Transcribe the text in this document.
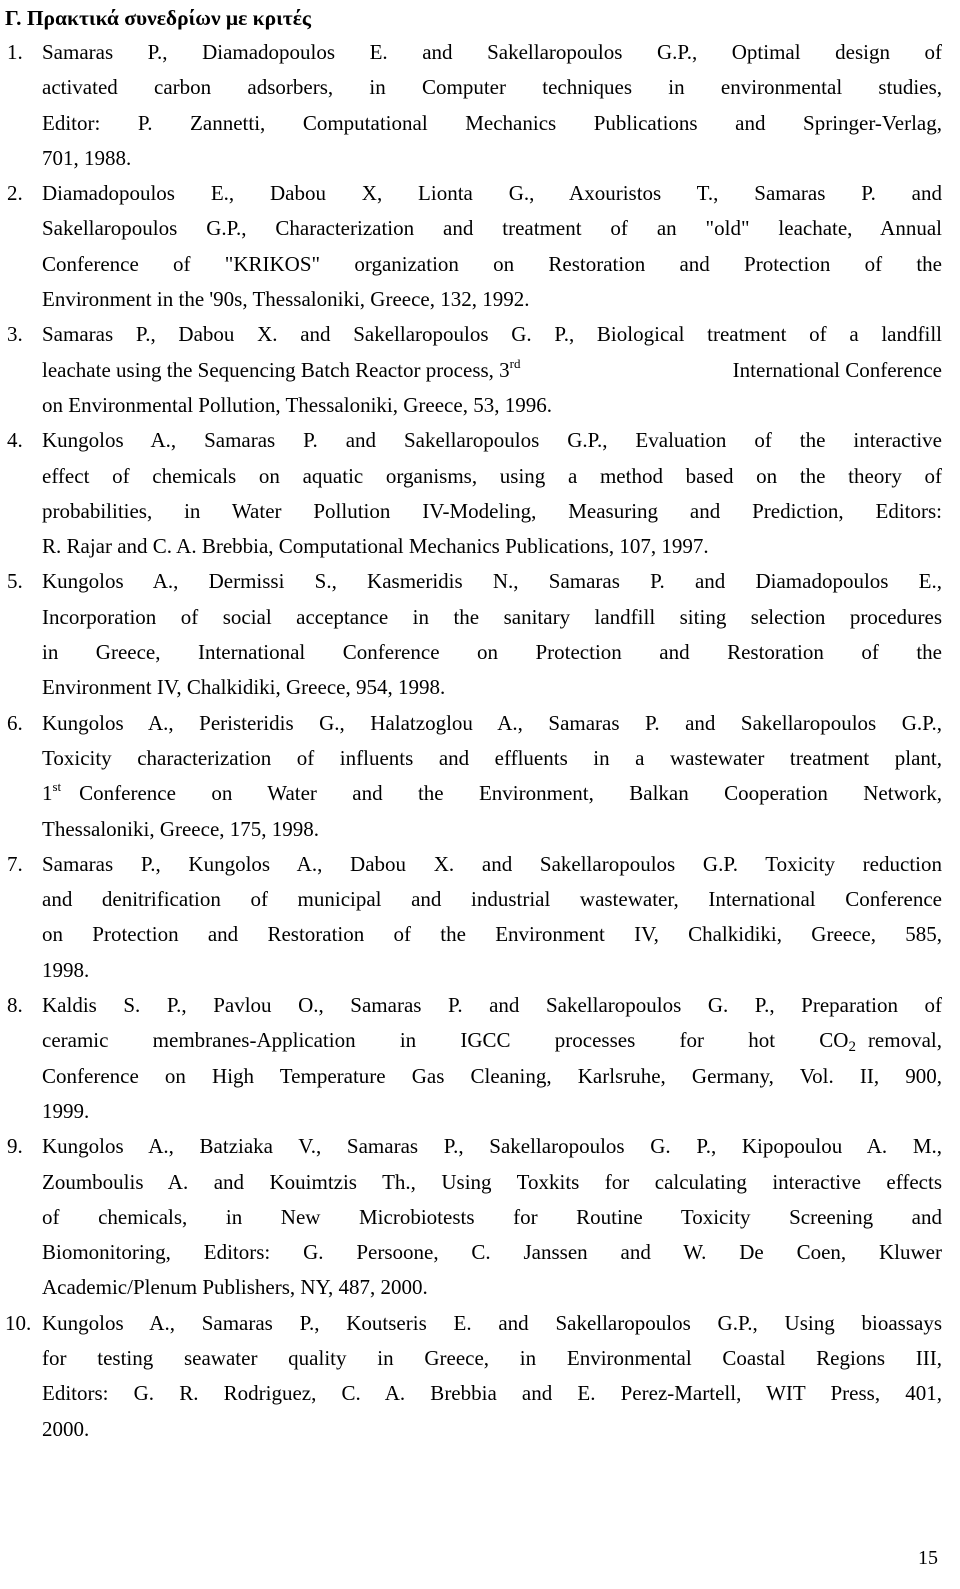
Γ. Πρακτικά συνεδρίων με κριτές
1. Samaras P., Diamadopoulos E. and Sakellaropoulos G.P., Optimal design of
activated carbon adsorbers, in Computer techniques in environmental studies,
Editor: P. Zannetti, Computational Mechanics Publications and Springer-Verlag,
701, 1988.
2. Diamadopoulos E., Dabou X, Lionta G., Axouristos T., Samaras P. and
Sakellaropoulos G.P., Characterization and treatment of an "old" leachate, Annual
Conference of "KRIKOS" organization on Restoration and Protection of the
Environment in the '90s, Thessaloniki, Greece, 132, 1992.
3. Samaras P., Dabou X. and Sakellaropoulos G. P., Biological treatment of a landfill
leachate using the Sequencing Batch Reactor process, 3rd	International Conference
on Environmental Pollution, Thessaloniki, Greece, 53, 1996.
4. Kungolos A., Samaras P. and Sakellaropoulos G.P., Evaluation of the interactive
effect of chemicals on aquatic organisms, using a method based on the theory of
probabilities, in Water Pollution IV-Modeling, Measuring and Prediction, Editors:
R. Rajar and C. A. Brebbia, Computational Mechanics Publications, 107, 1997.
5. Kungolos A., Dermissi S., Kasmeridis N., Samaras P. and Diamadopoulos E.,
Incorporation of social acceptance in the sanitary landfill siting selection procedures
in Greece, International Conference on Protection and Restoration of the
Environment IV, Chalkidiki, Greece, 954, 1998.
6. Kungolos A., Peristeridis G., Halatzoglou A., Samaras P. and Sakellaropoulos G.P.,
Toxicity characterization of influents and effluents in a wastewater treatment plant,
1st Conference on Water and the Environment, Balkan Cooperation Network,
Thessaloniki, Greece, 175, 1998.
7. Samaras P., Kungolos A., Dabou X. and Sakellaropoulos G.P. Toxicity reduction
and denitrification of municipal and industrial wastewater, International Conference
on Protection and Restoration of the Environment IV, Chalkidiki, Greece, 585,
1998.
8. Kaldis S. P., Pavlou O., Samaras P. and Sakellaropoulos G. P., Preparation of
ceramic membranes-Application in IGCC processes for hot CO $_2$ removal,
Conference on High Temperature Gas Cleaning, Karlsruhe, Germany, Vol. II, 900,
1999.
9. Kungolos A., Batziaka V., Samaras P., Sakellaropoulos G. P., Kipopoulou A. M.,
Zoumboulis A. and Kouimtzis Th., Using Toxkits for calculating interactive effects
of chemicals, in New Microbiotests for Routine Toxicity Screening and
Biomonitoring, Editors: G. Persoone, C. Janssen and W. De Coen, Kluwer
Academic/Plenum Publishers, NY, 487, 2000.
10. Kungolos A., Samaras P., Koutseris E. and Sakellaropoulos G.P., Using bioassays
for testing seawater quality in Greece, in Environmental Coastal Regions III,
Editors: G. R. Rodriguez, C. A. Brebbia and E. Perez-Martell, WIT Press, 401,
2000.
15
